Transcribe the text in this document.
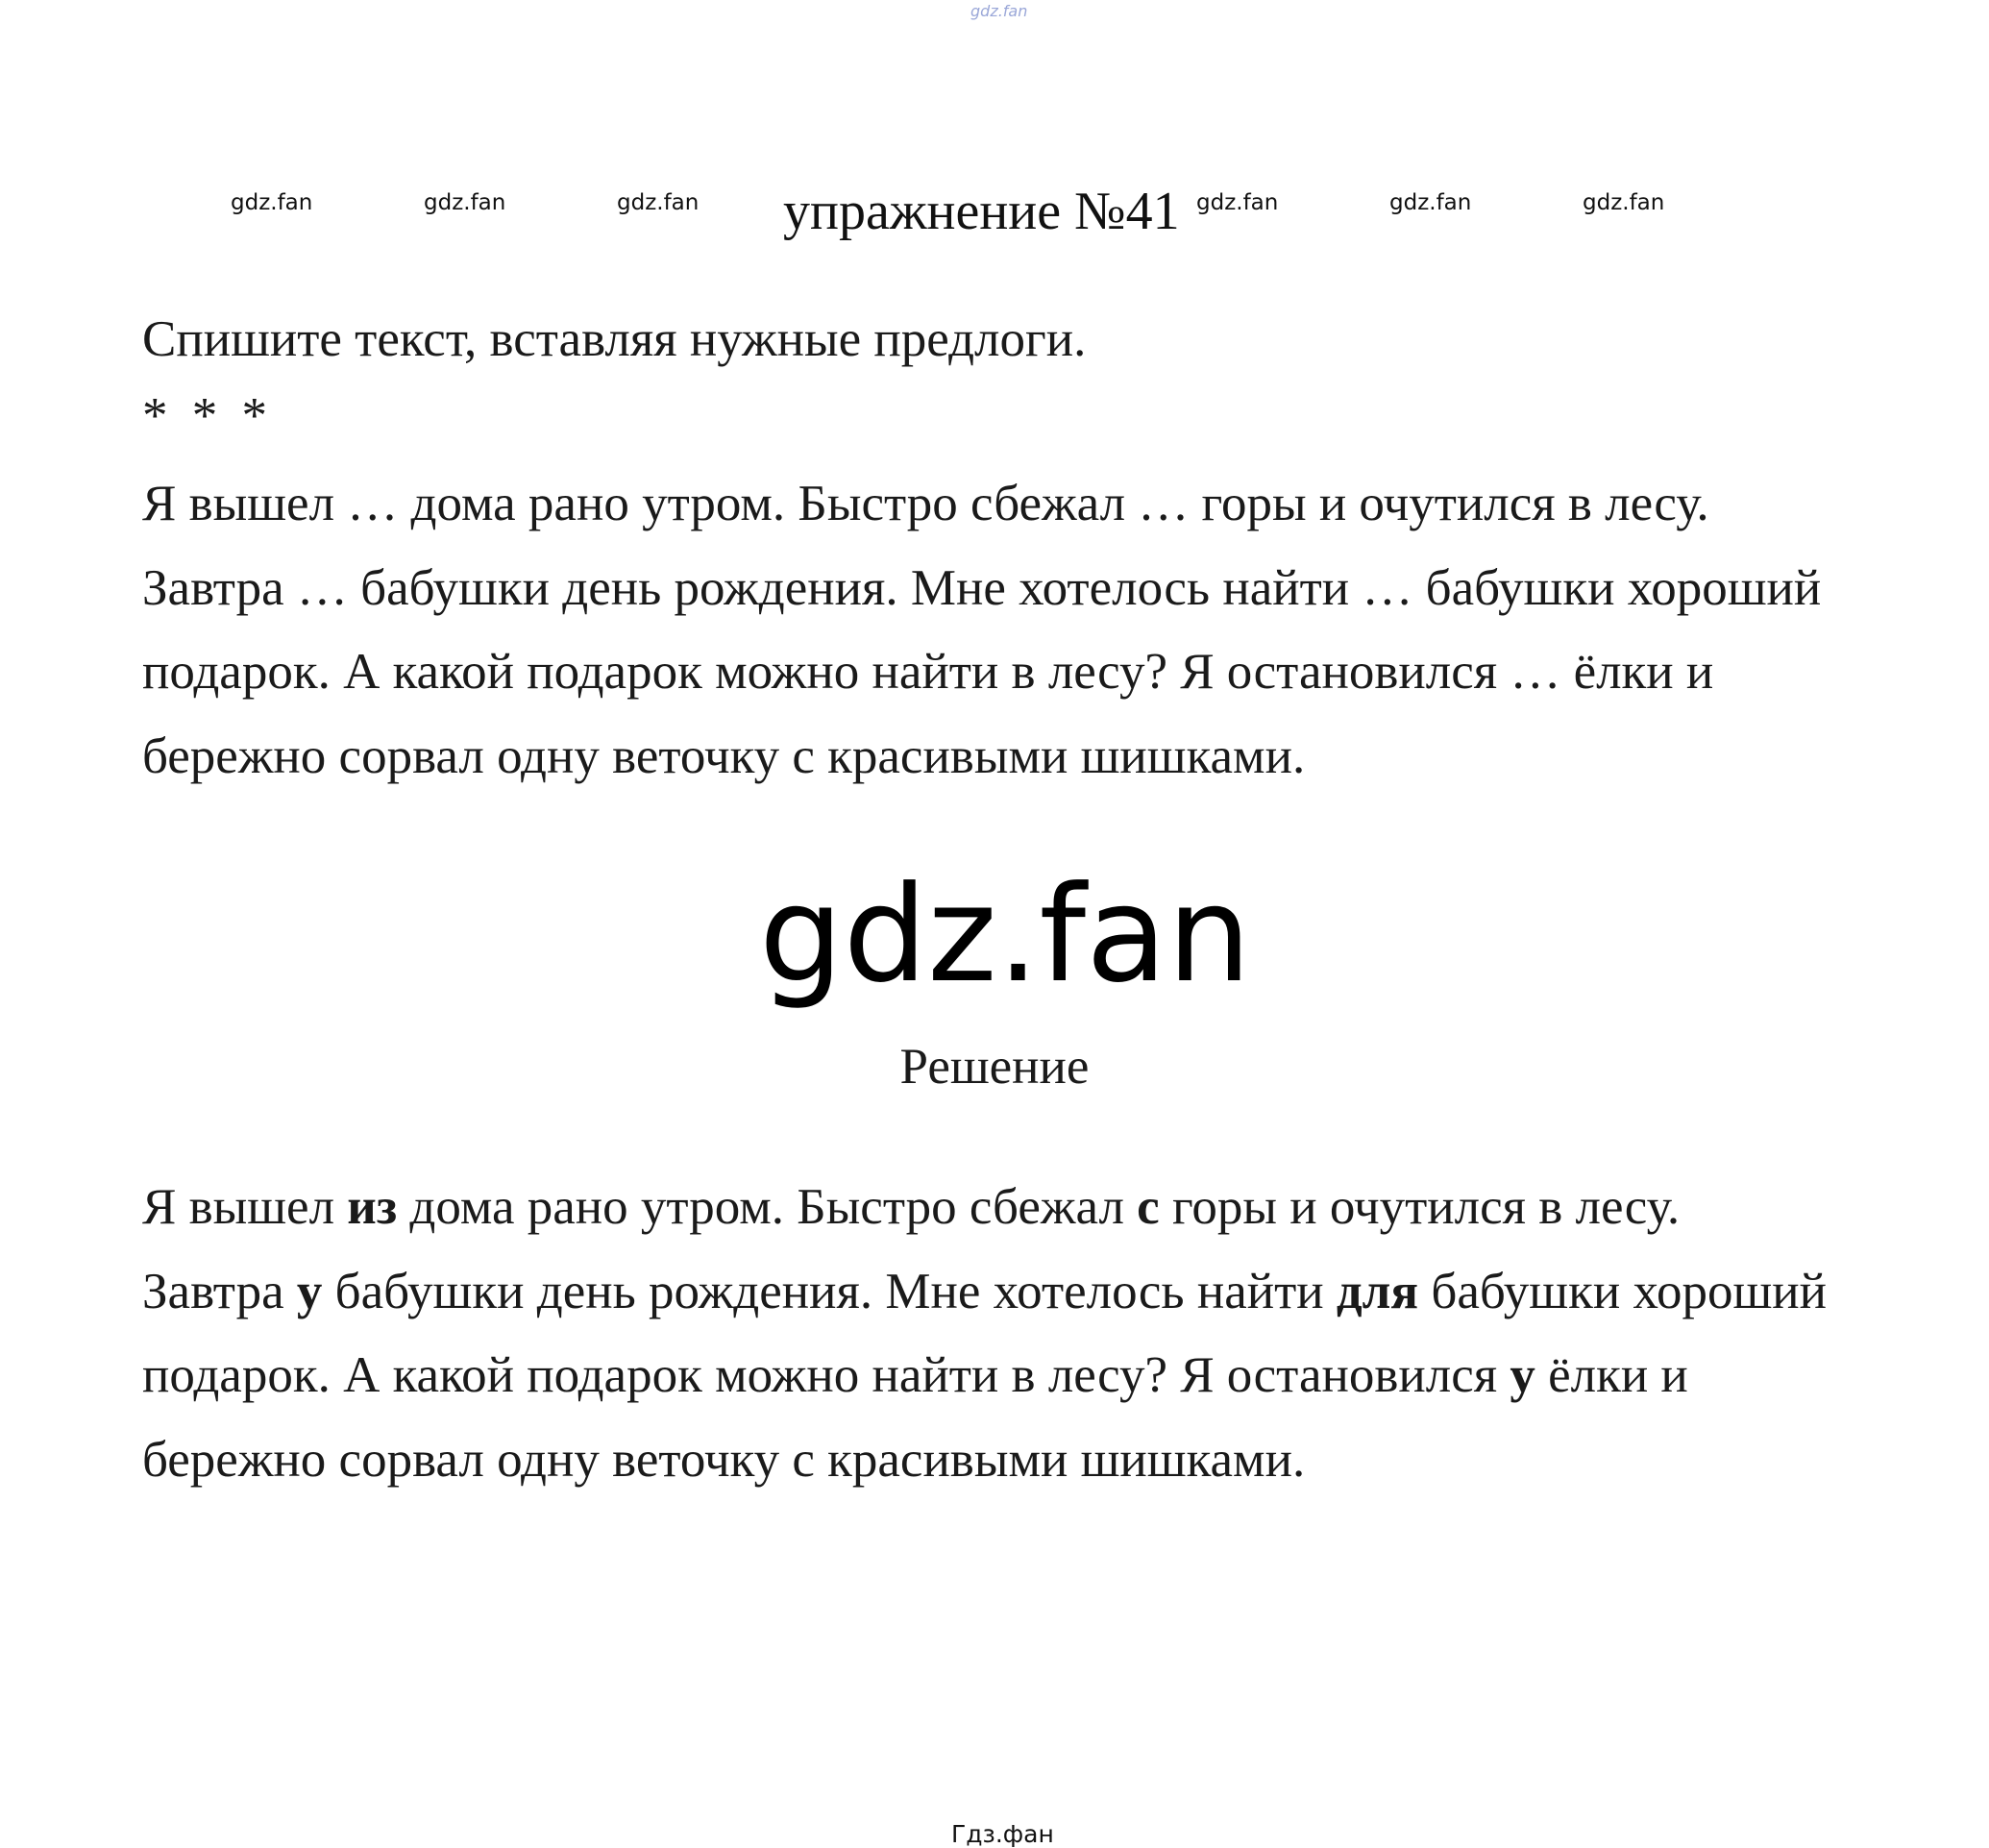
gdz.fan
gdz.fan	gdz.fan	gdz.fan	gdz.fan	gdz.fan	gdz.fan
упражнение №41
Спишите текст, вставляя нужные предлоги.
* * *

Я вышел … дома рано утром. Быстро сбежал … горы и очутился в лесу.

Завтра … бабушки день рождения. Мне хотелось найти … бабушки хороший подарок. А какой подарок можно найти в лесу? Я остановился … ёлки и бережно сорвал одну веточку с красивыми шишками.

gdz.fan
Решение

Я вышел из дома рано утром. Быстро сбежал с горы и очутился в лесу.

Завтра у бабушки день рождения. Мне хотелось найти для бабушки хороший подарок. А какой подарок можно найти в лесу? Я остановился у ёлки и бережно сорвал одну веточку с красивыми шишками.

Гдз.фан
